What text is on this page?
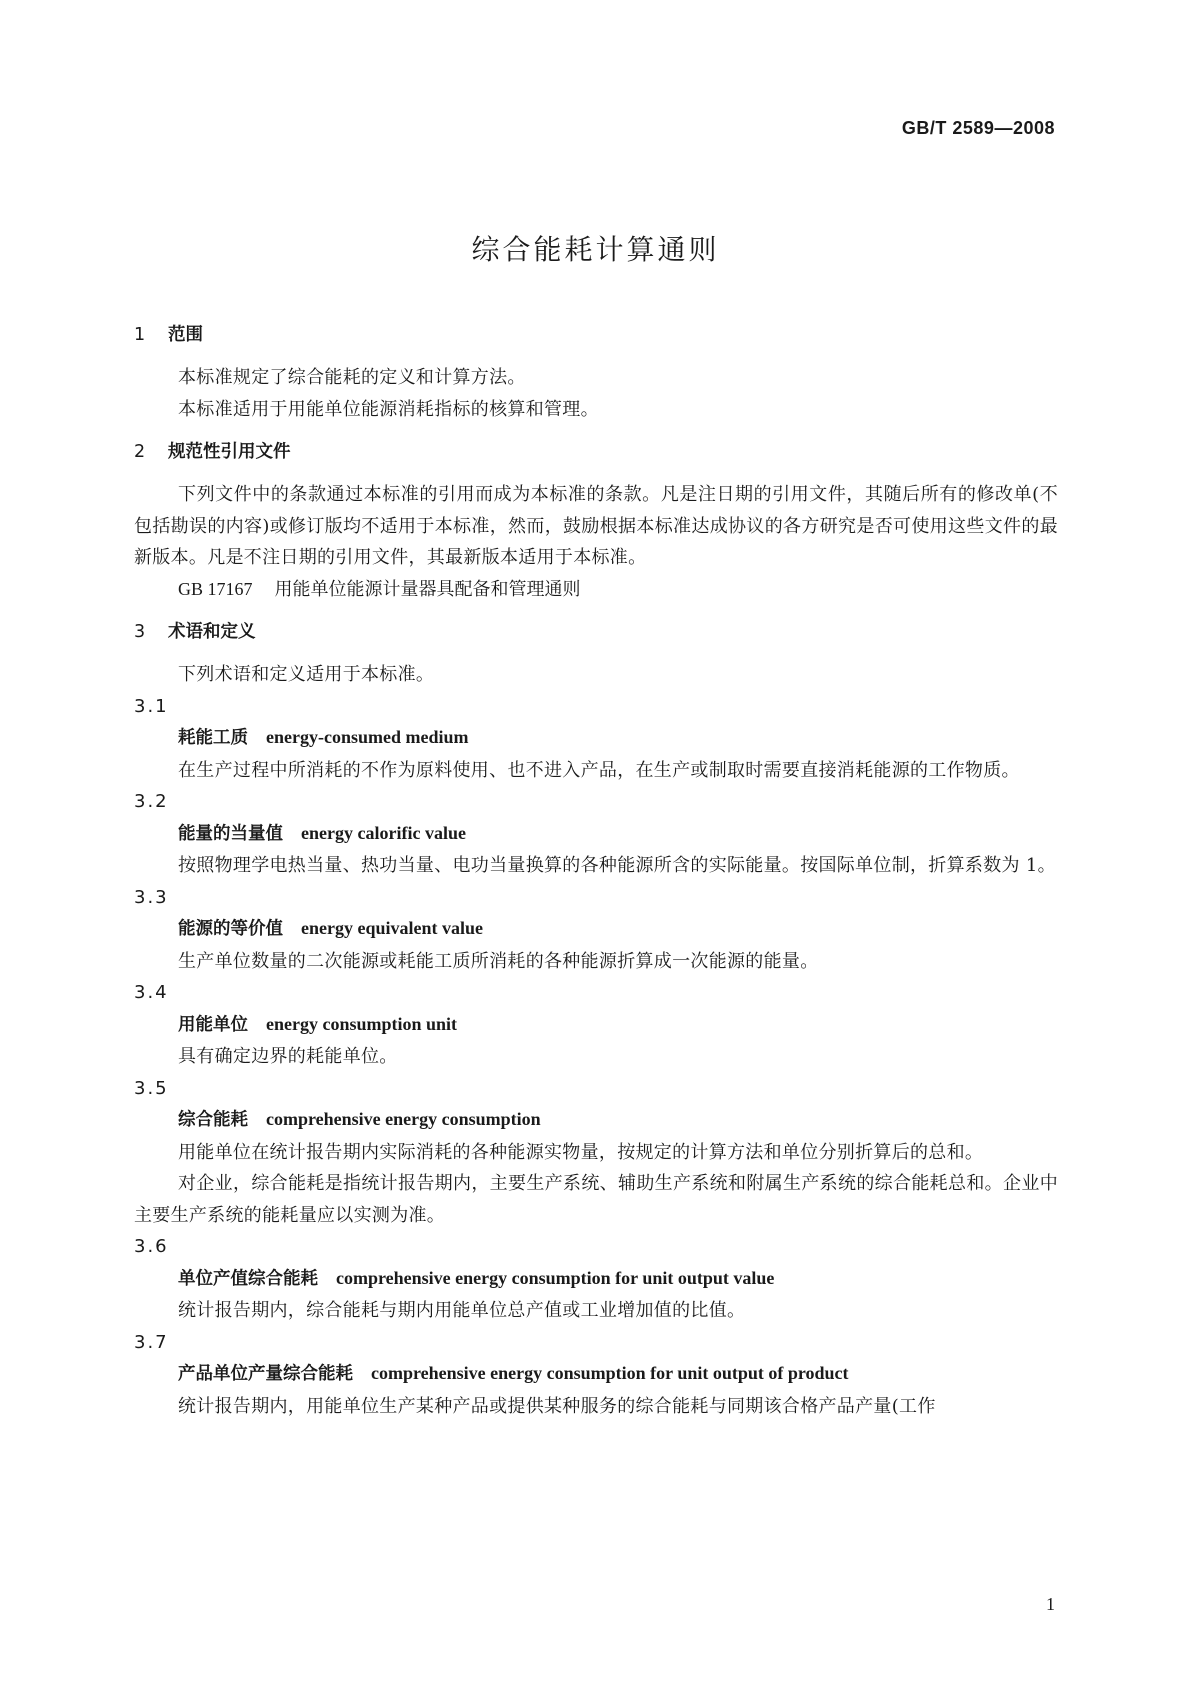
GB/T 2589—2008
综合能耗计算通则
1 范围

本标准规定了综合能耗的定义和计算方法。

本标准适用于用能单位能源消耗指标的核算和管理。

2 规范性引用文件

下列文件中的条款通过本标准的引用而成为本标准的条款。凡是注日期的引用文件，其随后所有的修改单(不包括勘误的内容)或修订版均不适用于本标准，然而，鼓励根据本标准达成协议的各方研究是否可使用这些文件的最新版本。凡是不注日期的引用文件，其最新版本适用于本标准。

GB 17167 用能单位能源计量器具配备和管理通则

3 术语和定义

下列术语和定义适用于本标准。

3.1

耗能工质 energy-consumed medium

在生产过程中所消耗的不作为原料使用、也不进入产品，在生产或制取时需要直接消耗能源的工作物质。

3.2

能量的当量值 energy calorific value

按照物理学电热当量、热功当量、电功当量换算的各种能源所含的实际能量。按国际单位制，折算系数为 1。

3.3

能源的等价值 energy equivalent value

生产单位数量的二次能源或耗能工质所消耗的各种能源折算成一次能源的能量。

3.4

用能单位 energy consumption unit

具有确定边界的耗能单位。

3.5

综合能耗 comprehensive energy consumption

用能单位在统计报告期内实际消耗的各种能源实物量，按规定的计算方法和单位分别折算后的总和。

对企业，综合能耗是指统计报告期内，主要生产系统、辅助生产系统和附属生产系统的综合能耗总和。企业中主要生产系统的能耗量应以实测为准。

3.6

单位产值综合能耗 comprehensive energy consumption for unit output value

统计报告期内，综合能耗与期内用能单位总产值或工业增加值的比值。

3.7

产品单位产量综合能耗 comprehensive energy consumption for unit output of product

统计报告期内，用能单位生产某种产品或提供某种服务的综合能耗与同期该合格产品产量(工作

1
